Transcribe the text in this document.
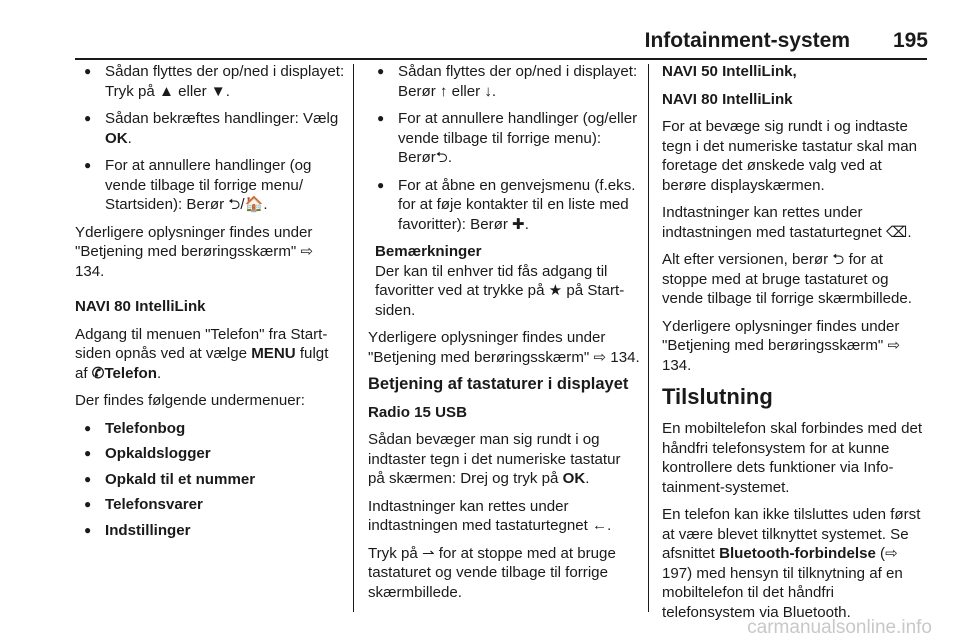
Infotainment-system	195
● Sådan flyttes der op/ned i displayet: Tryk på ▲ eller ▼.
● Sådan bekræftes handlinger: Vælg OK.
● For at annullere handlinger (og vende tilbage til forrige menu/ Startsiden): Berør ⮌/🏠.

Yderligere oplysninger findes under "Betjening med berøringsskærm" ⇨ 134.

NAVI 80 IntelliLink

Adgang til menuen "Telefon" fra Startsiden opnås ved at vælge MENU fulgt af ✆Telefon.

Der findes følgende undermenuer:

● Telefonbog
● Opkaldslogger
● Opkald til et nummer
● Telefonsvarer
● Indstillinger
● Sådan flyttes der op/ned i displayet: Berør ↑ eller ↓.
● For at annullere handlinger (og/eller vende tilbage til forrige menu): Berør⮌.
● For at åbne en genvejsmenu (f.eks. for at føje kontakter til en liste med favoritter): Berør ✚.
Bemærkninger
Der kan til enhver tid fås adgang til favoritter ved at trykke på ★ på Startsiden.

Yderligere oplysninger findes under "Betjening med berøringsskærm" ⇨ 134.

Betjening af tastaturer i displayet

Radio 15 USB

Sådan bevæger man sig rundt i og indtaster tegn i det numeriske tastatur på skærmen: Drej og tryk på OK.

Indtastninger kan rettes under indtastningen med tastaturtegnet ←.

Tryk på ⇀ for at stoppe med at bruge tastaturet og vende tilbage til forrige skærmbillede.

NAVI 50 IntelliLink,

NAVI 80 IntelliLink

For at bevæge sig rundt i og indtaste tegn i det numeriske tastatur skal man foretage det ønskede valg ved at berøre displayskærmen.

Indtastninger kan rettes under indtastningen med tastaturtegnet ⌫.

Alt efter versionen, berør ⮌ for at stoppe med at bruge tastaturet og vende tilbage til forrige skærmbillede.

Yderligere oplysninger findes under "Betjening med berøringsskærm" ⇨ 134.

Tilslutning

En mobiltelefon skal forbindes med det håndfri telefonsystem for at kunne kontrollere dets funktioner via Infotainment-systemet.

En telefon kan ikke tilsluttes uden først at være blevet tilknyttet systemet. Se afsnittet Bluetooth-forbindelse (⇨ 197) med hensyn til tilknytning af en mobiltelefon til det håndfri telefonsystem via Bluetooth.

carmanualsonline.info
